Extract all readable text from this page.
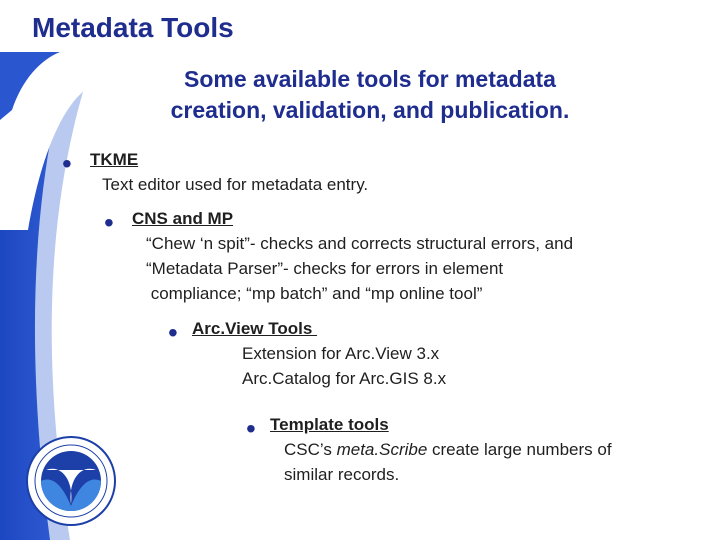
Metadata Tools
Some available tools for metadata
creation, validation, and publication.
• TKME
Text editor used for metadata entry.
• CNS and MP
“Chew ‘n spit”- checks and corrects structural errors, and
“Metadata Parser”- checks for errors in element
compliance; “mp batch” and “mp online tool”
• Arc.View Tools
Extension for Arc.View 3.x
Arc.Catalog for Arc.GIS 8.x
• Template tools
CSC’s meta.Scribe create large numbers of
similar records.
